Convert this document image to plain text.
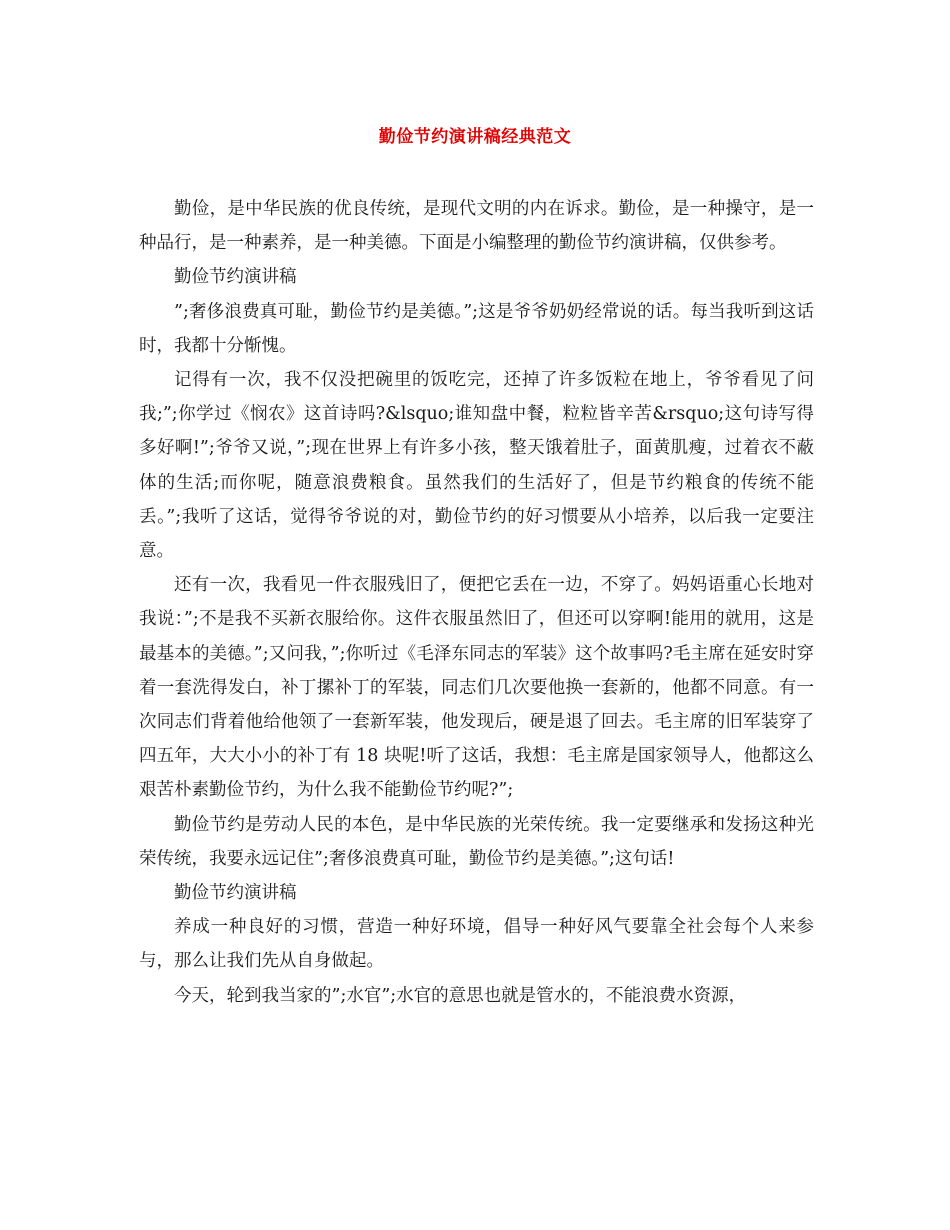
勤俭节约演讲稿经典范文

勤俭，是中华民族的优良传统，是现代文明的内在诉求。勤俭，是一种操守，是一种品行，是一种素养，是一种美德。下面是小编整理的勤俭节约演讲稿，仅供参考。

勤俭节约演讲稿

”;奢侈浪费真可耻，勤俭节约是美德。”;这是爷爷奶奶经常说的话。每当我听到这话时，我都十分惭愧。

记得有一次，我不仅没把碗里的饭吃完，还掉了许多饭粒在地上，爷爷看见了问我;”;你学过《悯农》这首诗吗?&lsquo;谁知盘中餐，粒粒皆辛苦&rsquo;这句诗写得多好啊!”;爷爷又说，”;现在世界上有许多小孩，整天饿着肚子，面黄肌瘦，过着衣不蔽体的生活;而你呢，随意浪费粮食。虽然我们的生活好了，但是节约粮食的传统不能丢。”;我听了这话，觉得爷爷说的对，勤俭节约的好习惯要从小培养，以后我一定要注意。

还有一次，我看见一件衣服残旧了，便把它丢在一边，不穿了。妈妈语重心长地对我说：”;不是我不买新衣服给你。这件衣服虽然旧了，但还可以穿啊!能用的就用，这是最基本的美德。”;又问我，”;你听过《毛泽东同志的军装》这个故事吗?毛主席在延安时穿着一套洗得发白，补丁摞补丁的军装，同志们几次要他换一套新的，他都不同意。有一次同志们背着他给他领了一套新军装，他发现后，硬是退了回去。毛主席的旧军装穿了四五年，大大小小的补丁有 18 块呢!听了这话，我想：毛主席是国家领导人，他都这么艰苦朴素勤俭节约，为什么我不能勤俭节约呢?”;

勤俭节约是劳动人民的本色，是中华民族的光荣传统。我一定要继承和发扬这种光荣传统，我要永远记住”;奢侈浪费真可耻，勤俭节约是美德。”;这句话!

勤俭节约演讲稿

养成一种良好的习惯，营造一种好环境，倡导一种好风气要靠全社会每个人来参与，那么让我们先从自身做起。

今天，轮到我当家的”;水官”;水官的意思也就是管水的，不能浪费水资源，
